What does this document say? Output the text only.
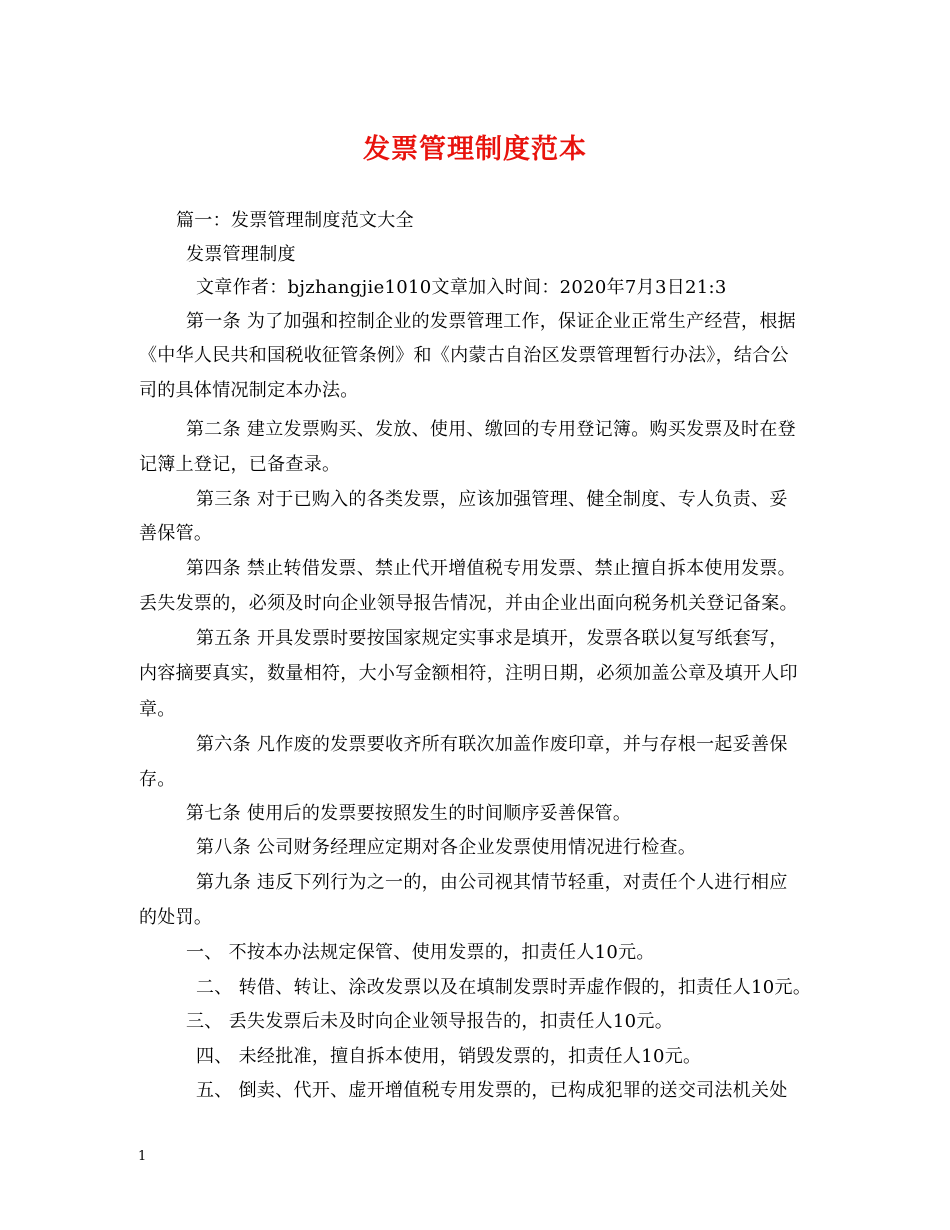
发票管理制度范本
篇一：发票管理制度范文大全
发票管理制度
文章作者：bjzhangjie1010文章加入时间：2020年7月3日21:3
第一条 为了加强和控制企业的发票管理工作，保证企业正常生产经营，根据
《中华人民共和国税收征管条例》和《内蒙古自治区发票管理暂行办法》，结合公
司的具体情况制定本办法。
第二条 建立发票购买、发放、使用、缴回的专用登记簿。购买发票及时在登
记簿上登记，已备查录。
第三条 对于已购入的各类发票，应该加强管理、健全制度、专人负责、妥
善保管。
第四条 禁止转借发票、禁止代开增值税专用发票、禁止擅自拆本使用发票。
丢失发票的，必须及时向企业领导报告情况，并由企业出面向税务机关登记备案。
第五条 开具发票时要按国家规定实事求是填开，发票各联以复写纸套写，
内容摘要真实，数量相符，大小写金额相符，注明日期，必须加盖公章及填开人印
章。
第六条 凡作废的发票要收齐所有联次加盖作废印章，并与存根一起妥善保
存。
第七条 使用后的发票要按照发生的时间顺序妥善保管。
第八条 公司财务经理应定期对各企业发票使用情况进行检查。
第九条 违反下列行为之一的，由公司视其情节轻重，对责任个人进行相应
的处罚。
一、 不按本办法规定保管、使用发票的，扣责任人10元。
二、 转借、转让、涂改发票以及在填制发票时弄虚作假的，扣责任人10元。
三、 丢失发票后未及时向企业领导报告的，扣责任人10元。
四、 未经批准，擅自拆本使用，销毁发票的，扣责任人10元。
五、 倒卖、代开、虚开增值税专用发票的，已构成犯罪的送交司法机关处
1
